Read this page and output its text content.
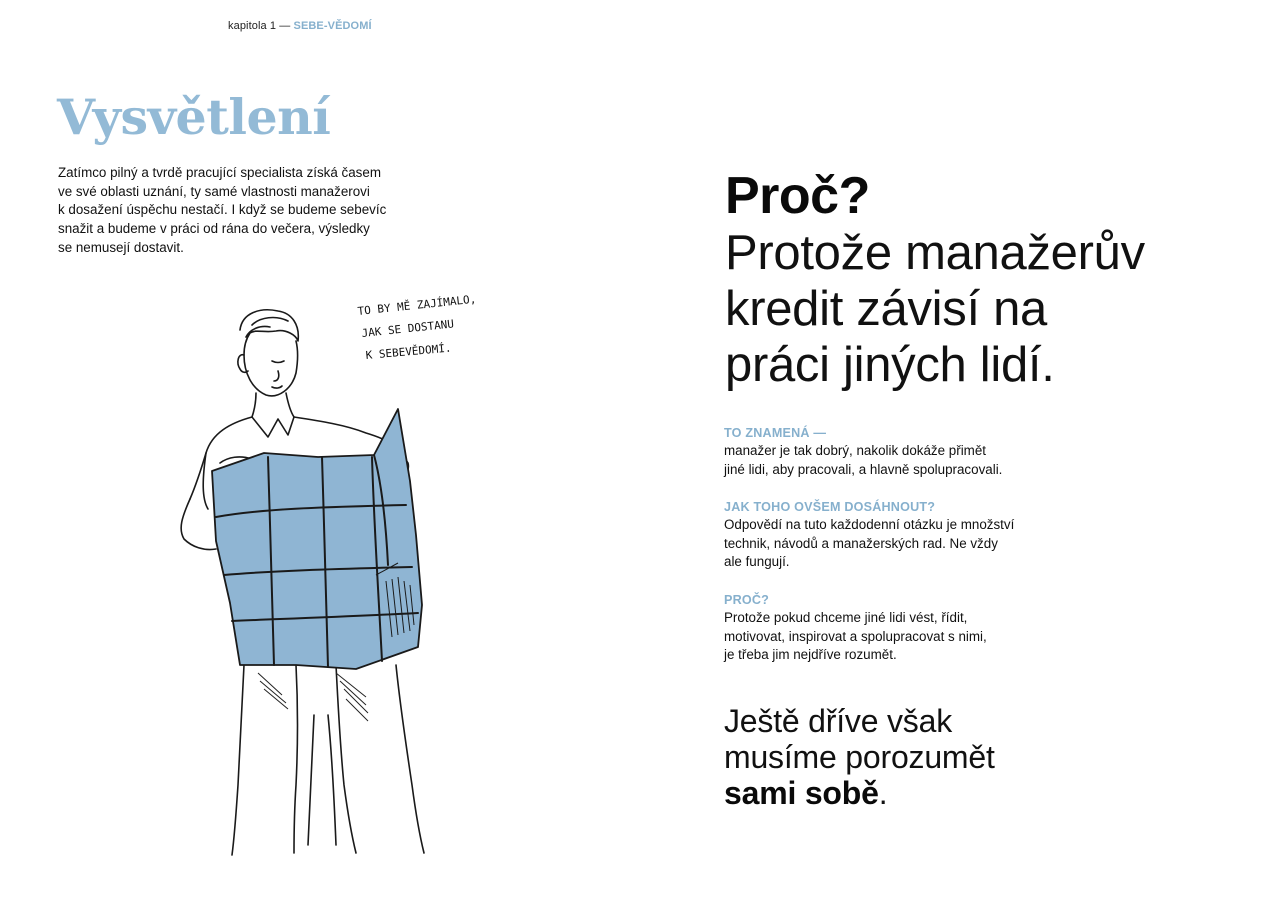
kapitola 1 — SEBE-VĚDOMÍ
Vysvětlení

Zatímco pilný a tvrdě pracující specialista získá časem
ve své oblasti uznání, ty samé vlastnosti manažerovi
k dosažení úspěchu nestačí. I když se budeme sebevíc
snažit a budeme v práci od rána do večera, výsledky
se nemusejí dostavit.

TO BY MĚ ZAJÍMALO,
JAK SE DOSTANU
K SEBEVĚDOMÍ.
Proč?

Protože manažerův
kredit závisí na
práci jiných lidí.

TO ZNAMENÁ —

manažer je tak dobrý, nakolik dokáže přimět
jiné lidi, aby pracovali, a hlavně spolupracovali.

JAK TOHO OVŠEM DOSÁHNOUT?

Odpovědí na tuto každodenní otázku je množství
technik, návodů a manažerských rad. Ne vždy
ale fungují.

PROČ?

Protože pokud chceme jiné lidi vést, řídit,
motivovat, inspirovat a spolupracovat s nimi,
je třeba jim nejdříve rozumět.

Ještě dříve však
musíme porozumět
sami sobě.
